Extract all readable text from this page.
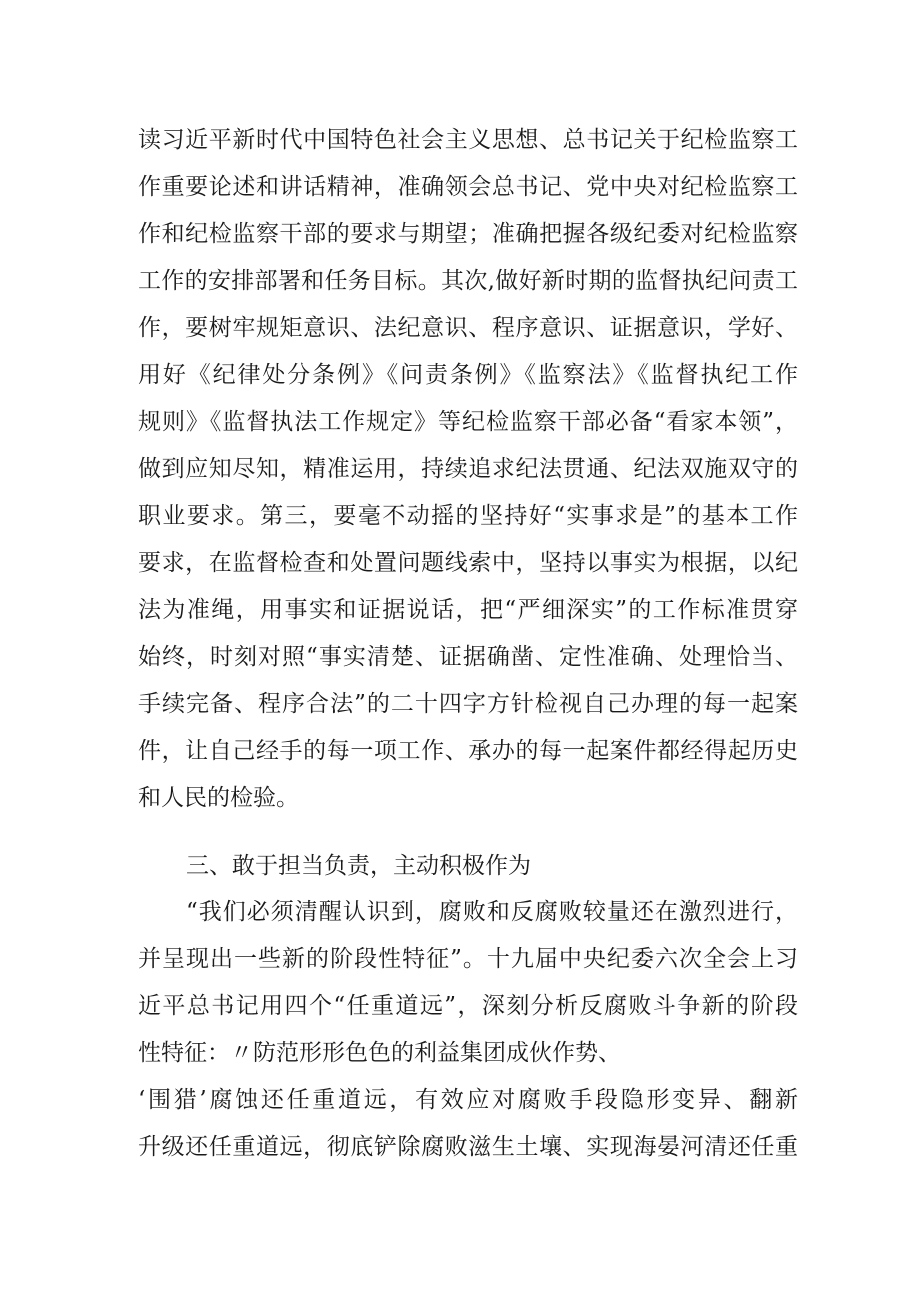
读习近平新时代中国特色社会主义思想、总书记关于纪检监察工
作重要论述和讲话精神，准确领会总书记、党中央对纪检监察工
作和纪检监察干部的要求与期望；准确把握各级纪委对纪检监察
工作的安排部署和任务目标。其次,做好新时期的监督执纪问责工
作，要树牢规矩意识、法纪意识、程序意识、证据意识，学好、
用好《纪律处分条例》《问责条例》《监察法》《监督执纪工作
规则》《监督执法工作规定》等纪检监察干部必备“看家本领”，
做到应知尽知，精准运用，持续追求纪法贯通、纪法双施双守的
职业要求。第三，要毫不动摇的坚持好“实事求是”的基本工作
要求，在监督检查和处置问题线索中，坚持以事实为根据，以纪
法为准绳，用事实和证据说话，把“严细深实”的工作标准贯穿
始终，时刻对照“事实清楚、证据确凿、定性准确、处理恰当、
手续完备、程序合法”的二十四字方针检视自己办理的每一起案
件，让自己经手的每一项工作、承办的每一起案件都经得起历史
和人民的检验。
三、敢于担当负责，主动积极作为
“我们必须清醒认识到，腐败和反腐败较量还在激烈进行，
并呈现出一些新的阶段性特征”。十九届中央纪委六次全会上习
近平总书记用四个“任重道远”，深刻分析反腐败斗争新的阶段
性特征：〃防范形形色色的利益集团成伙作势、
‘围猎’腐蚀还任重道远，有效应对腐败手段隐形变异、翻新
升级还任重道远，彻底铲除腐败滋生土壤、实现海晏河清还任重
